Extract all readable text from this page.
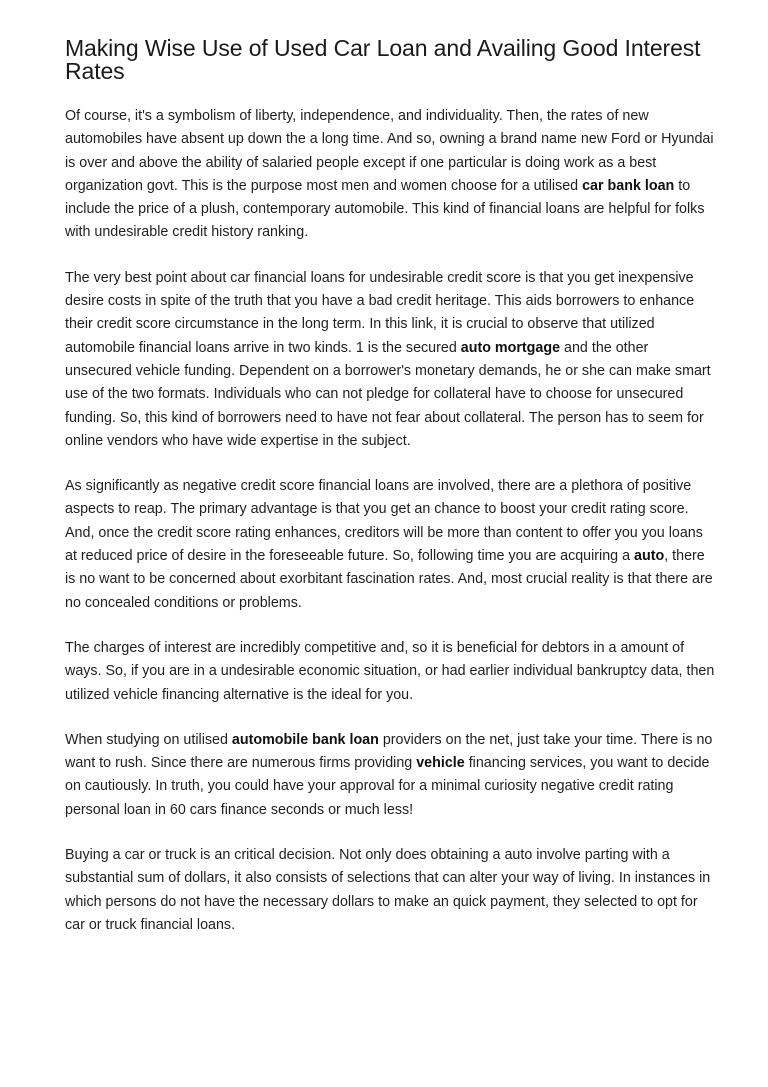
Making Wise Use of Used Car Loan and Availing Good Interest Rates

Of course, it's a symbolism of liberty, independence, and individuality. Then, the rates of new automobiles have absent up down the a long time. And so, owning a brand name new Ford or Hyundai is over and above the ability of salaried people except if one particular is doing work as a best organization govt. This is the purpose most men and women choose for a utilised car bank loan to include the price of a plush, contemporary automobile. This kind of financial loans are helpful for folks with undesirable credit history ranking.

The very best point about car financial loans for undesirable credit score is that you get inexpensive desire costs in spite of the truth that you have a bad credit heritage. This aids borrowers to enhance their credit score circumstance in the long term. In this link, it is crucial to observe that utilized automobile financial loans arrive in two kinds. 1 is the secured auto mortgage and the other unsecured vehicle funding. Dependent on a borrower's monetary demands, he or she can make smart use of the two formats. Individuals who can not pledge for collateral have to choose for unsecured funding. So, this kind of borrowers need to have not fear about collateral. The person has to seem for online vendors who have wide expertise in the subject.

As significantly as negative credit score financial loans are involved, there are a plethora of positive aspects to reap. The primary advantage is that you get an chance to boost your credit rating score. And, once the credit score rating enhances, creditors will be more than content to offer you you loans at reduced price of desire in the foreseeable future. So, following time you are acquiring a auto, there is no want to be concerned about exorbitant fascination rates. And, most crucial reality is that there are no concealed conditions or problems.

The charges of interest are incredibly competitive and, so it is beneficial for debtors in a amount of ways. So, if you are in a undesirable economic situation, or had earlier individual bankruptcy data, then utilized vehicle financing alternative is the ideal for you.

When studying on utilised automobile bank loan providers on the net, just take your time. There is no want to rush. Since there are numerous firms providing vehicle financing services, you want to decide on cautiously. In truth, you could have your approval for a minimal curiosity negative credit rating personal loan in 60 cars finance seconds or much less!

Buying a car or truck is an critical decision. Not only does obtaining a auto involve parting with a substantial sum of dollars, it also consists of selections that can alter your way of living. In instances in which persons do not have the necessary dollars to make an quick payment, they selected to opt for car or truck financial loans.
